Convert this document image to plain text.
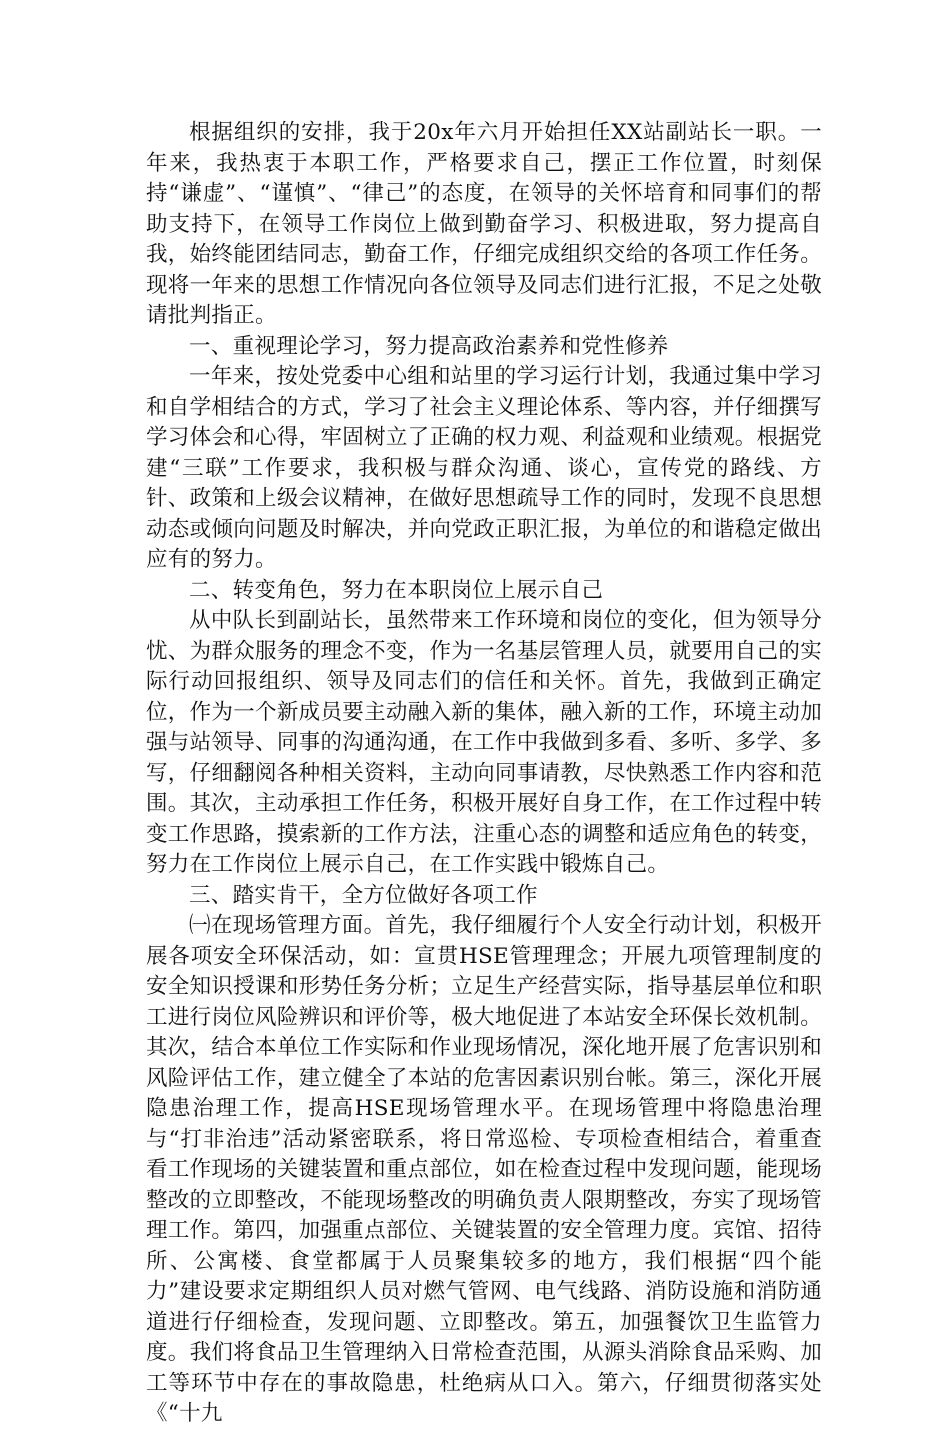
根据组织的安排，我于20x年六月开始担任XX站副站长一职。一年来，我热衷于本职工作，严格要求自己，摆正工作位置，时刻保持“谦虚”、“谨慎”、“律己”的态度，在领导的关怀培育和同事们的帮助支持下，在领导工作岗位上做到勤奋学习、积极进取，努力提高自我，始终能团结同志，勤奋工作，仔细完成组织交给的各项工作任务。现将一年来的思想工作情况向各位领导及同志们进行汇报，不足之处敬请批判指正。

一、重视理论学习，努力提高政治素养和党性修养

一年来，按处党委中心组和站里的学习运行计划，我通过集中学习和自学相结合的方式，学习了社会主义理论体系、等内容，并仔细撰写学习体会和心得，牢固树立了正确的权力观、利益观和业绩观。根据党建“三联”工作要求，我积极与群众沟通、谈心，宣传党的路线、方针、政策和上级会议精神，在做好思想疏导工作的同时，发现不良思想动态或倾向问题及时解决，并向党政正职汇报，为单位的和谐稳定做出应有的努力。

二、转变角色，努力在本职岗位上展示自己

从中队长到副站长，虽然带来工作环境和岗位的变化，但为领导分忧、为群众服务的理念不变，作为一名基层管理人员，就要用自己的实际行动回报组织、领导及同志们的信任和关怀。首先，我做到正确定位，作为一个新成员要主动融入新的集体，融入新的工作，环境主动加强与站领导、同事的沟通沟通，在工作中我做到多看、多听、多学、多写，仔细翻阅各种相关资料，主动向同事请教，尽快熟悉工作内容和范围。其次，主动承担工作任务，积极开展好自身工作，在工作过程中转变工作思路，摸索新的工作方法，注重心态的调整和适应角色的转变，努力在工作岗位上展示自己，在工作实践中锻炼自己。

三、踏实肯干，全方位做好各项工作

㈠在现场管理方面。首先，我仔细履行个人安全行动计划，积极开展各项安全环保活动，如：宣贯HSE管理理念；开展九项管理制度的安全知识授课和形势任务分析；立足生产经营实际，指导基层单位和职工进行岗位风险辨识和评价等，极大地促进了本站安全环保长效机制。其次，结合本单位工作实际和作业现场情况，深化地开展了危害识别和风险评估工作，建立健全了本站的危害因素识别台帐。第三，深化开展隐患治理工作，提高HSE现场管理水平。在现场管理中将隐患治理与“打非治违”活动紧密联系，将日常巡检、专项检查相结合，着重查看工作现场的关键装置和重点部位，如在检查过程中发现问题，能现场整改的立即整改，不能现场整改的明确负责人限期整改，夯实了现场管理工作。第四，加强重点部位、关键装置的安全管理力度。宾馆、招待所、公寓楼、食堂都属于人员聚集较多的地方，我们根据“四个能力”建设要求定期组织人员对燃气管网、电气线路、消防设施和消防通道进行仔细检查，发现问题、立即整改。第五，加强餐饮卫生监管力度。我们将食品卫生管理纳入日常检查范围，从源头消除食品采购、加工等环节中存在的事故隐患，杜绝病从口入。第六，仔细贯彻落实处《“十九
